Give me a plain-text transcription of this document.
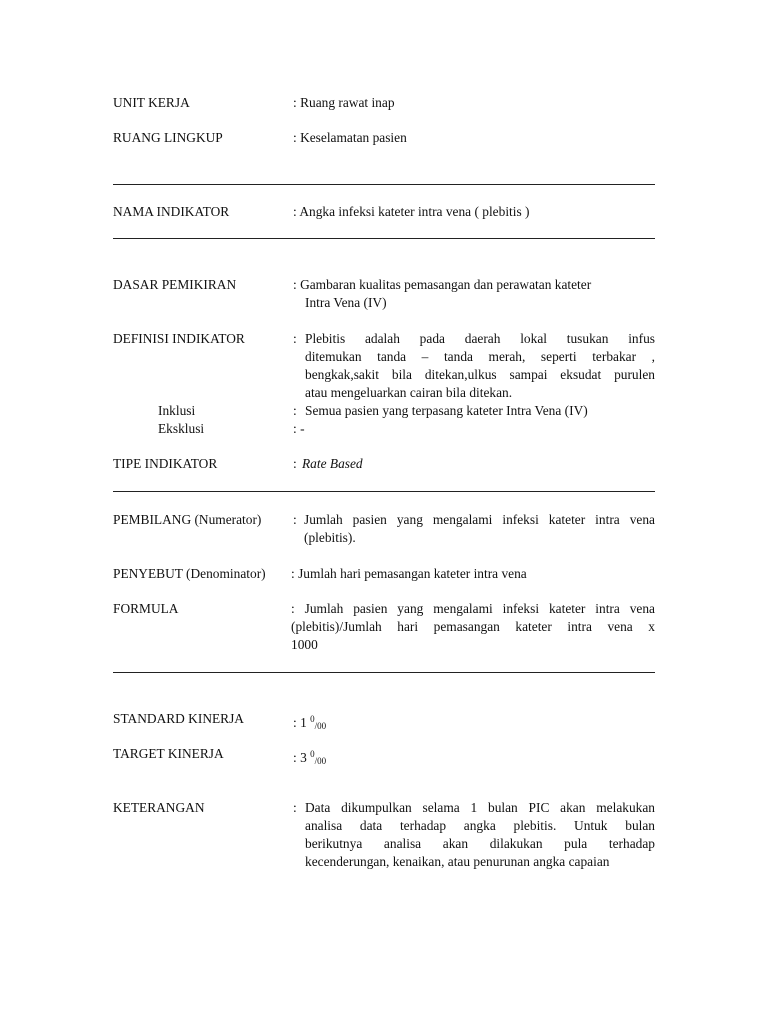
UNIT KERJA	: Ruang rawat inap
RUANG LINGKUP	: Keselamatan pasien
NAMA INDIKATOR	: Angka infeksi kateter intra vena ( plebitis )
DASAR PEMIKIRAN	: Gambaran kualitas pemasangan dan perawatan kateter
Intra Vena (IV)
DEFINISI INDIKATOR	: Plebitis adalah pada daerah lokal tusukan infus
ditemukan tanda – tanda merah, seperti terbakar ,
bengkak,sakit bila ditekan,ulkus sampai eksudat purulen
atau mengeluarkan cairan bila ditekan.
Inklusi	: Semua pasien yang terpasang kateter Intra Vena (IV)
Eksklusi	: -
TIPE INDIKATOR	: Rate Based
PEMBILANG (Numerator) : Jumlah pasien yang mengalami infeksi kateter intra vena
(plebitis).
PENYEBUT (Denominator) : Jumlah hari pemasangan kateter intra vena
FORMULA	: Jumlah pasien yang mengalami infeksi kateter intra vena
(plebitis)/Jumlah hari pemasangan kateter intra vena x
1000
STANDARD KINERJA	: 1 $^0_{/00}$
TARGET KINERJA	: 3 $^0_{/00}$
KETERANGAN	: Data dikumpulkan selama 1 bulan PIC akan melakukan
analisa data terhadap angka plebitis. Untuk bulan
berikutnya analisa akan dilakukan pula terhadap
kecenderungan, kenaikan, atau penurunan angka capaian
